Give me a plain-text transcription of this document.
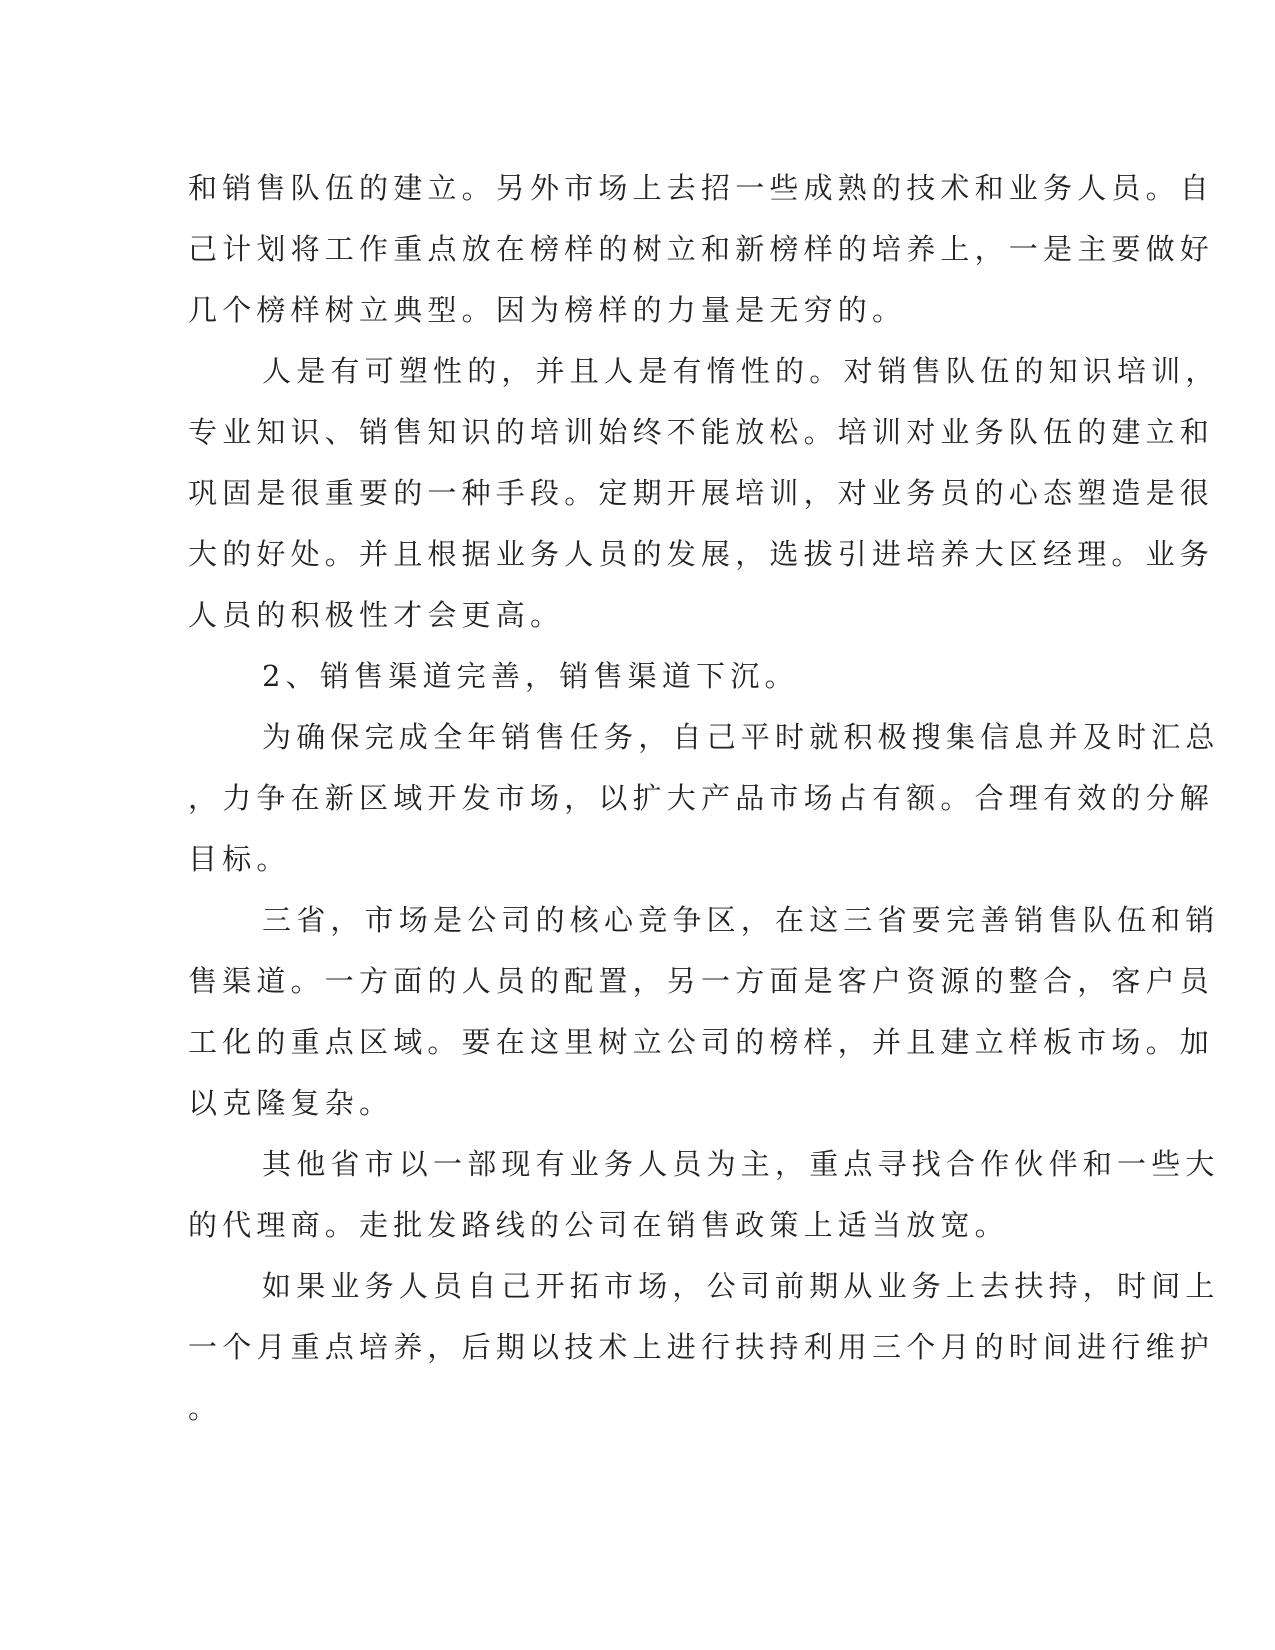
和销售队伍的建立。另外市场上去招一些成熟的技术和业务人员。自
己计划将工作重点放在榜样的树立和新榜样的培养上，一是主要做好
几个榜样树立典型。因为榜样的力量是无穷的。
人是有可塑性的，并且人是有惰性的。对销售队伍的知识培训，
专业知识、销售知识的培训始终不能放松。培训对业务队伍的建立和
巩固是很重要的一种手段。定期开展培训，对业务员的心态塑造是很
大的好处。并且根据业务人员的发展，选拔引进培养大区经理。业务
人员的积极性才会更高。
2、销售渠道完善，销售渠道下沉。
为确保完成全年销售任务，自己平时就积极搜集信息并及时汇总
，力争在新区域开发市场，以扩大产品市场占有额。合理有效的分解
目标。
三省，市场是公司的核心竞争区，在这三省要完善销售队伍和销
售渠道。一方面的人员的配置，另一方面是客户资源的整合，客户员
工化的重点区域。要在这里树立公司的榜样，并且建立样板市场。加
以克隆复杂。
其他省市以一部现有业务人员为主，重点寻找合作伙伴和一些大
的代理商。走批发路线的公司在销售政策上适当放宽。
如果业务人员自己开拓市场，公司前期从业务上去扶持，时间上
一个月重点培养，后期以技术上进行扶持利用三个月的时间进行维护
。
